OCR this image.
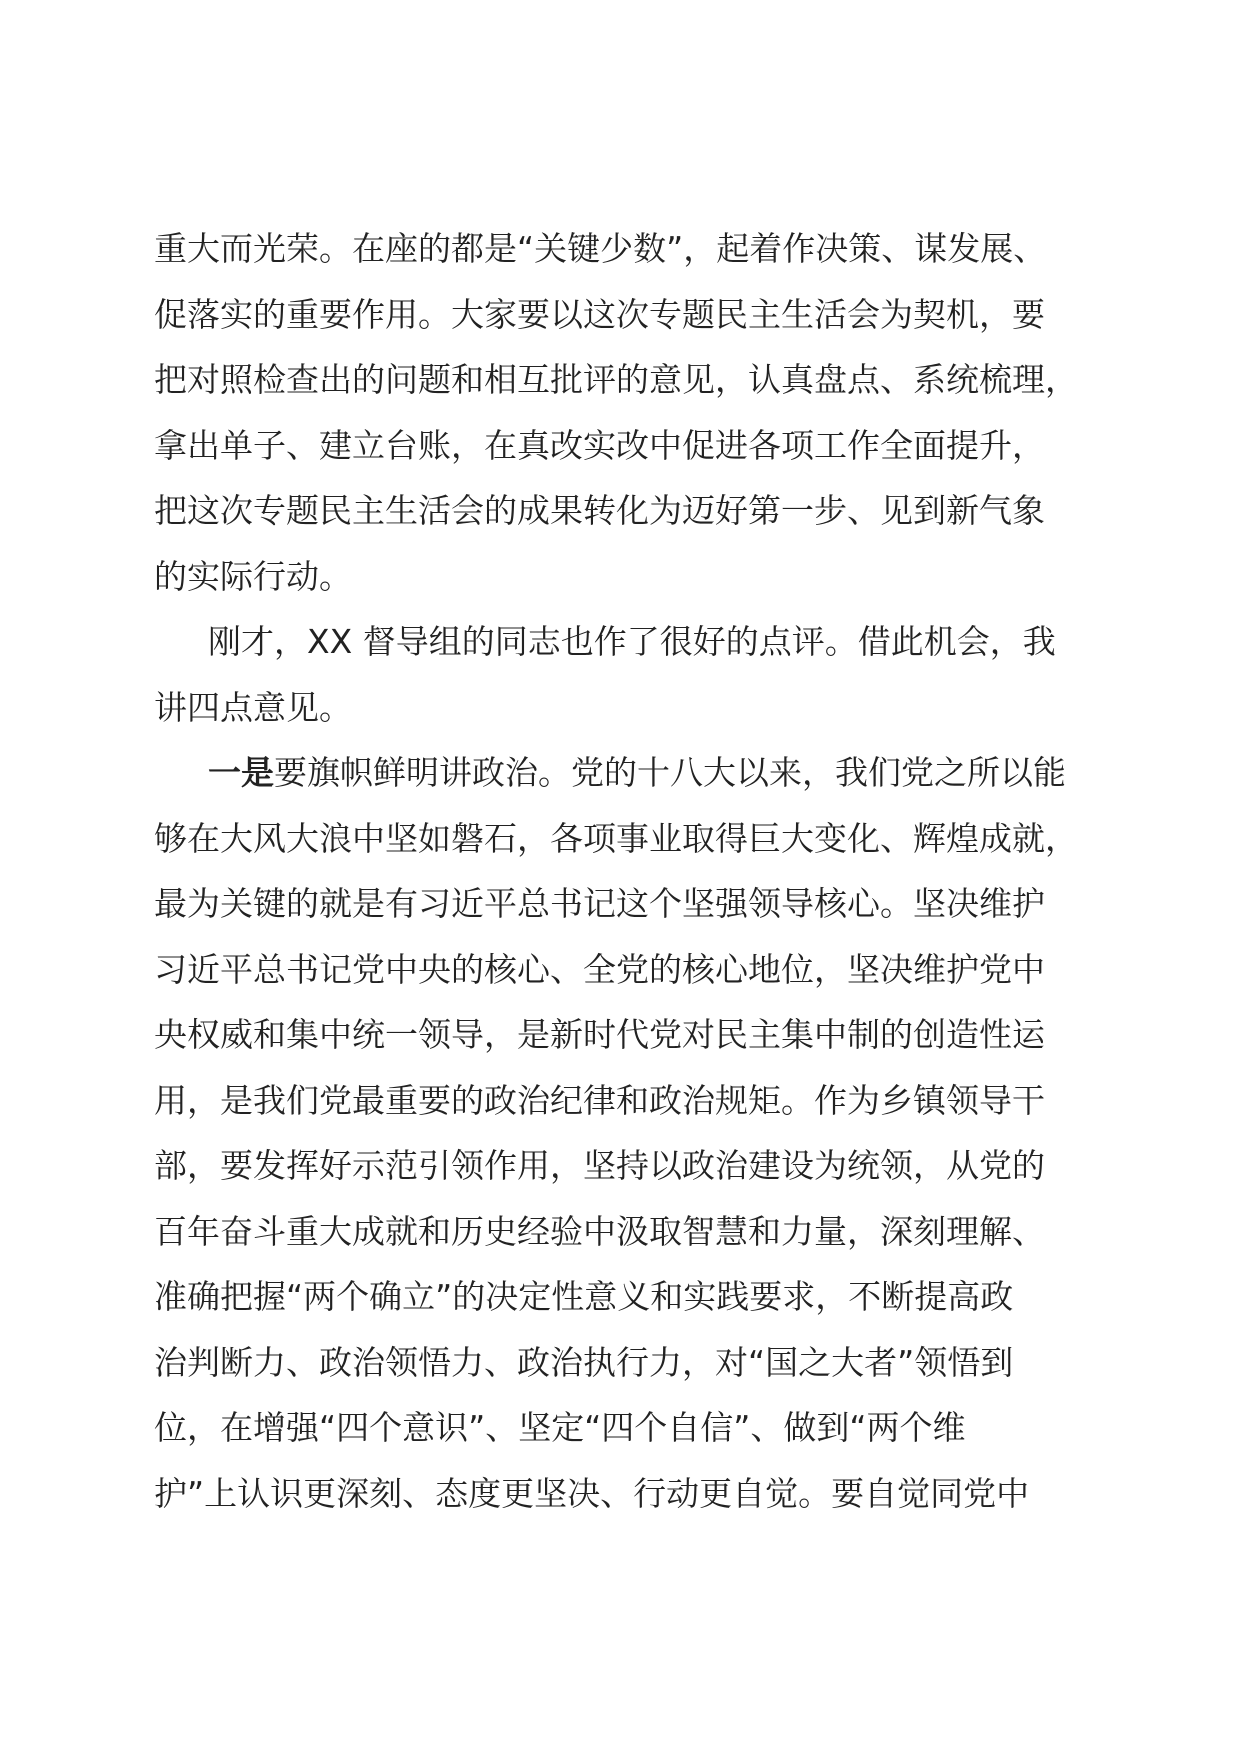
重大而光荣。在座的都是“关键少数”，起着作决策、谋发展、
促落实的重要作用。大家要以这次专题民主生活会为契机，要
把对照检查出的问题和相互批评的意见，认真盘点、系统梳理，
拿出单子、建立台账，在真改实改中促进各项工作全面提升，
把这次专题民主生活会的成果转化为迈好第一步、见到新气象
的实际行动。
刚才，XX 督导组的同志也作了很好的点评。借此机会，我
讲四点意见。
一是要旗帜鲜明讲政治。党的十八大以来，我们党之所以能
够在大风大浪中坚如磐石，各项事业取得巨大变化、辉煌成就，
最为关键的就是有习近平总书记这个坚强领导核心。坚决维护
习近平总书记党中央的核心、全党的核心地位，坚决维护党中
央权威和集中统一领导，是新时代党对民主集中制的创造性运
用，是我们党最重要的政治纪律和政治规矩。作为乡镇领导干
部，要发挥好示范引领作用，坚持以政治建设为统领，从党的
百年奋斗重大成就和历史经验中汲取智慧和力量，深刻理解、
准确把握“两个确立”的决定性意义和实践要求，不断提高政
治判断力、政治领悟力、政治执行力，对“国之大者”领悟到
位，在增强“四个意识”、坚定“四个自信”、做到“两个维
护”上认识更深刻、态度更坚决、行动更自觉。要自觉同党中
